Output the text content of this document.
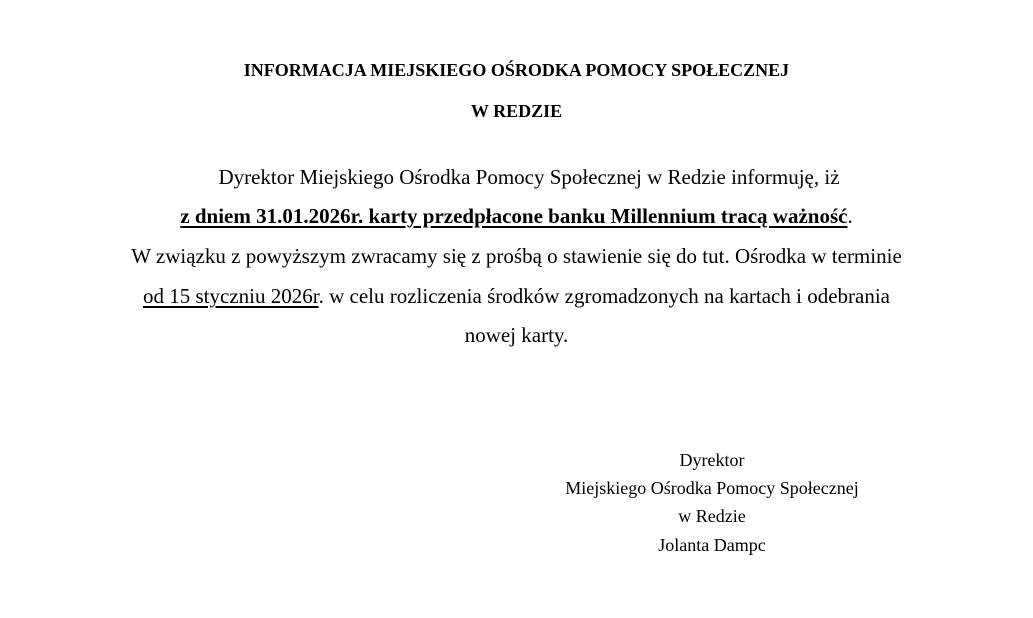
INFORMACJA MIEJSKIEGO OŚRODKA POMOCY SPOŁECZNEJ
W REDZIE
Dyrektor Miejskiego Ośrodka Pomocy Społecznej w Redzie informuję, iż
z dniem 31.01.2026r. karty przedpłacone banku Millennium tracą ważność.
W związku z powyższym zwracamy się z prośbą o stawienie się do tut. Ośrodka w terminie
od 15 styczniu 2026r. w celu rozliczenia środków zgromadzonych na kartach i odebrania
nowej karty.
Dyrektor
Miejskiego Ośrodka Pomocy Społecznej
w Redzie
Jolanta Dampc
